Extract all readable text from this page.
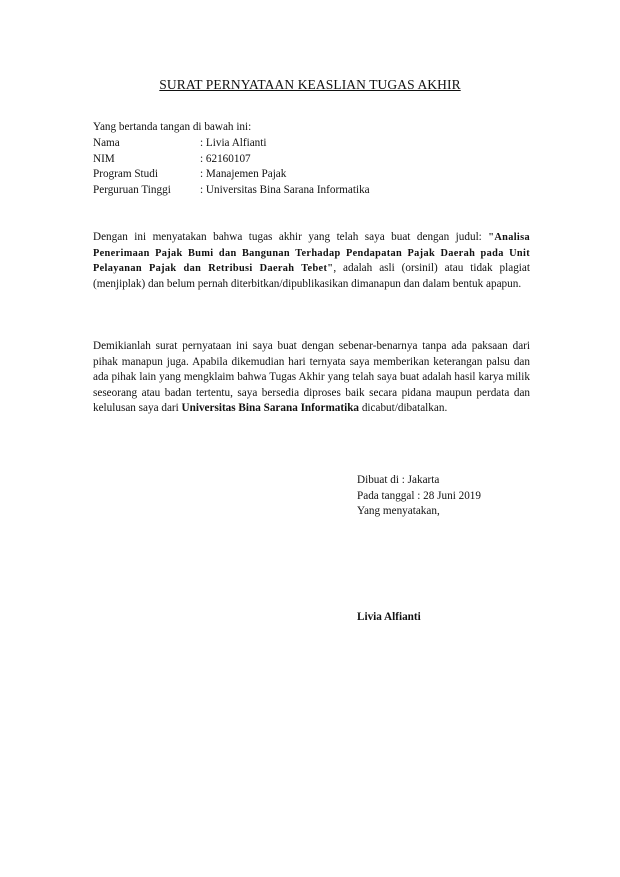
SURAT PERNYATAAN KEASLIAN TUGAS AKHIR
Yang bertanda tangan di bawah ini:
Nama	: Livia Alfianti
NIM	: 62160107
Program Studi	: Manajemen Pajak
Perguruan Tinggi	: Universitas Bina Sarana Informatika
Dengan ini menyatakan bahwa tugas akhir yang telah saya buat dengan judul: "Analisa Penerimaan Pajak Bumi dan Bangunan Terhadap Pendapatan Pajak Daerah pada Unit Pelayanan Pajak dan Retribusi Daerah Tebet", adalah asli (orsinil) atau tidak plagiat (menjiplak) dan belum pernah diterbitkan/dipublikasikan dimanapun dan dalam bentuk apapun.
Demikianlah surat pernyataan ini saya buat dengan sebenar-benarnya tanpa ada paksaan dari pihak manapun juga. Apabila dikemudian hari ternyata saya memberikan keterangan palsu dan ada pihak lain yang mengklaim bahwa Tugas Akhir yang telah saya buat adalah hasil karya milik seseorang atau badan tertentu, saya bersedia diproses baik secara pidana maupun perdata dan kelulusan saya dari Universitas Bina Sarana Informatika dicabut/dibatalkan.
Dibuat di : Jakarta
Pada tanggal : 28 Juni 2019
Yang menyatakan,
Livia Alfianti
